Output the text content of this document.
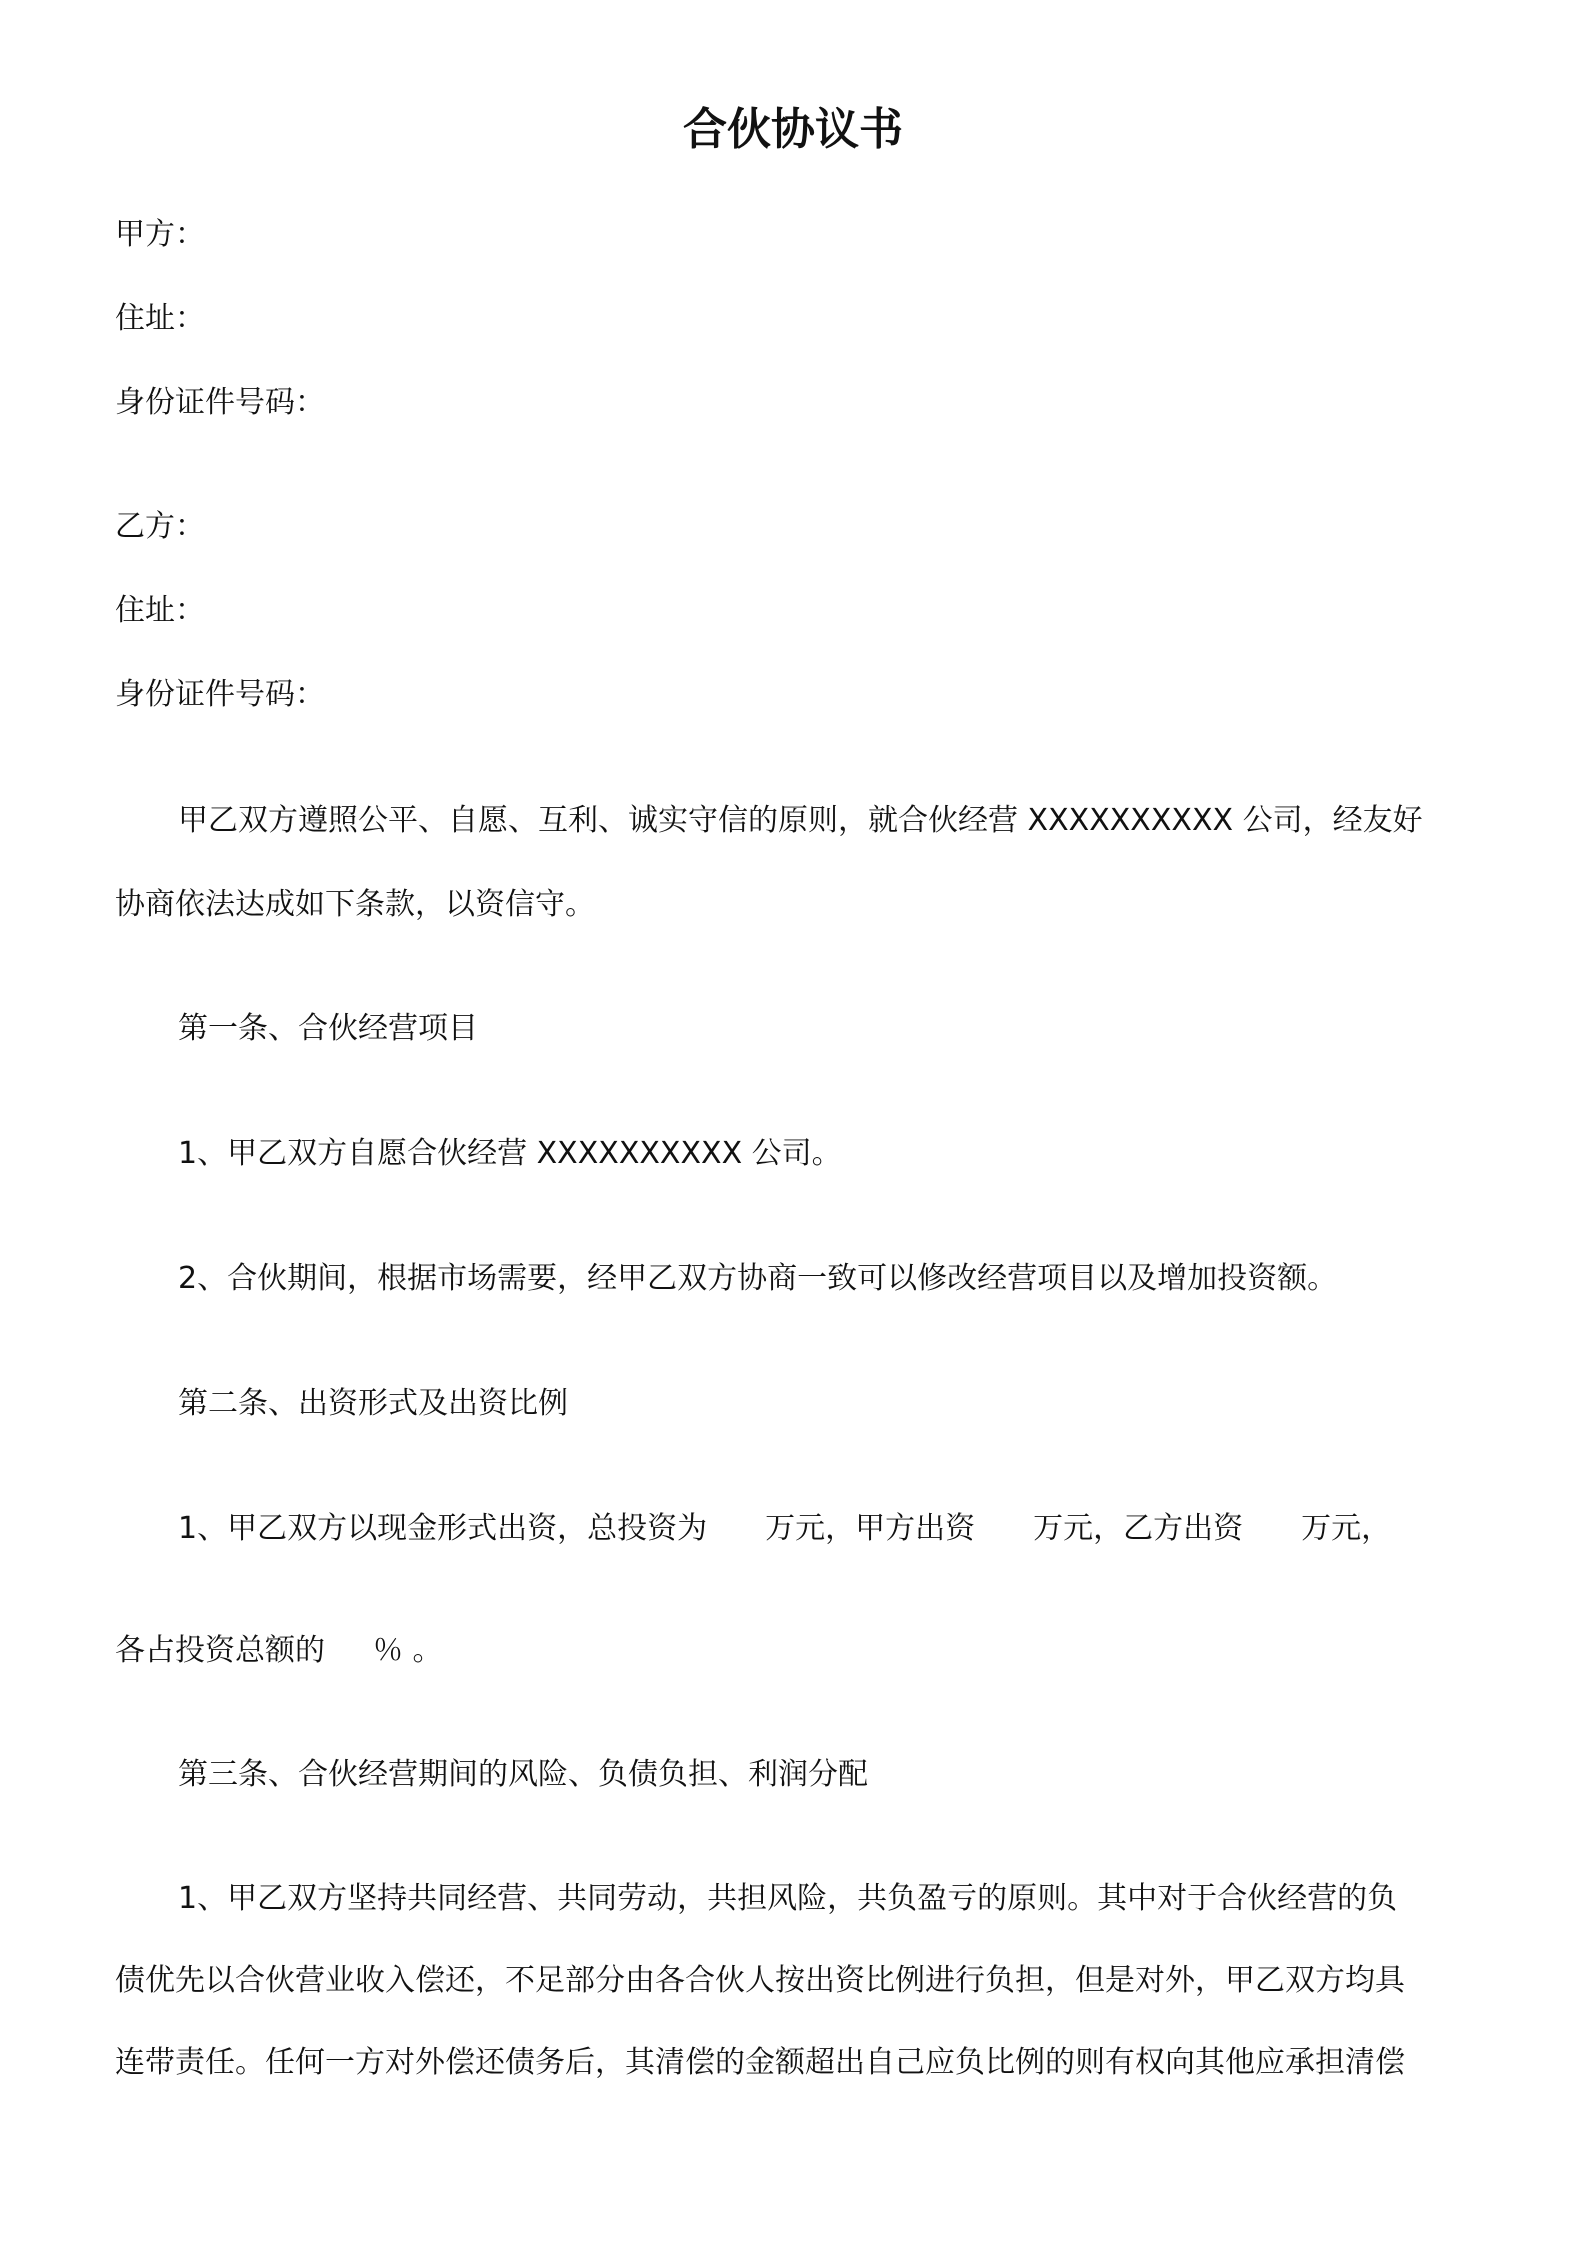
合伙协议书

甲方：

住址：

身份证件号码：

乙方：

住址：

身份证件号码：

甲乙双方遵照公平、自愿、互利、诚实守信的原则，就合伙经营 XXXXXXXXXX 公司，经友好

协商依法达成如下条款，以资信守。

第一条、合伙经营项目

1、甲乙双方自愿合伙经营 XXXXXXXXXX 公司。

2、合伙期间，根据市场需要，经甲乙双方协商一致可以修改经营项目以及增加投资额。

第二条、出资形式及出资比例

1、甲乙双方以现金形式出资，总投资为 万元，甲方出资 万元，乙方出资 万元，

各占投资总额的 ％ 。

第三条、合伙经营期间的风险、负债负担、利润分配

1、甲乙双方坚持共同经营、共同劳动，共担风险，共负盈亏的原则。其中对于合伙经营的负

债优先以合伙营业收入偿还，不足部分由各合伙人按出资比例进行负担，但是对外，甲乙双方均具

连带责任。任何一方对外偿还债务后，其清偿的金额超出自己应负比例的则有权向其他应承担清偿
